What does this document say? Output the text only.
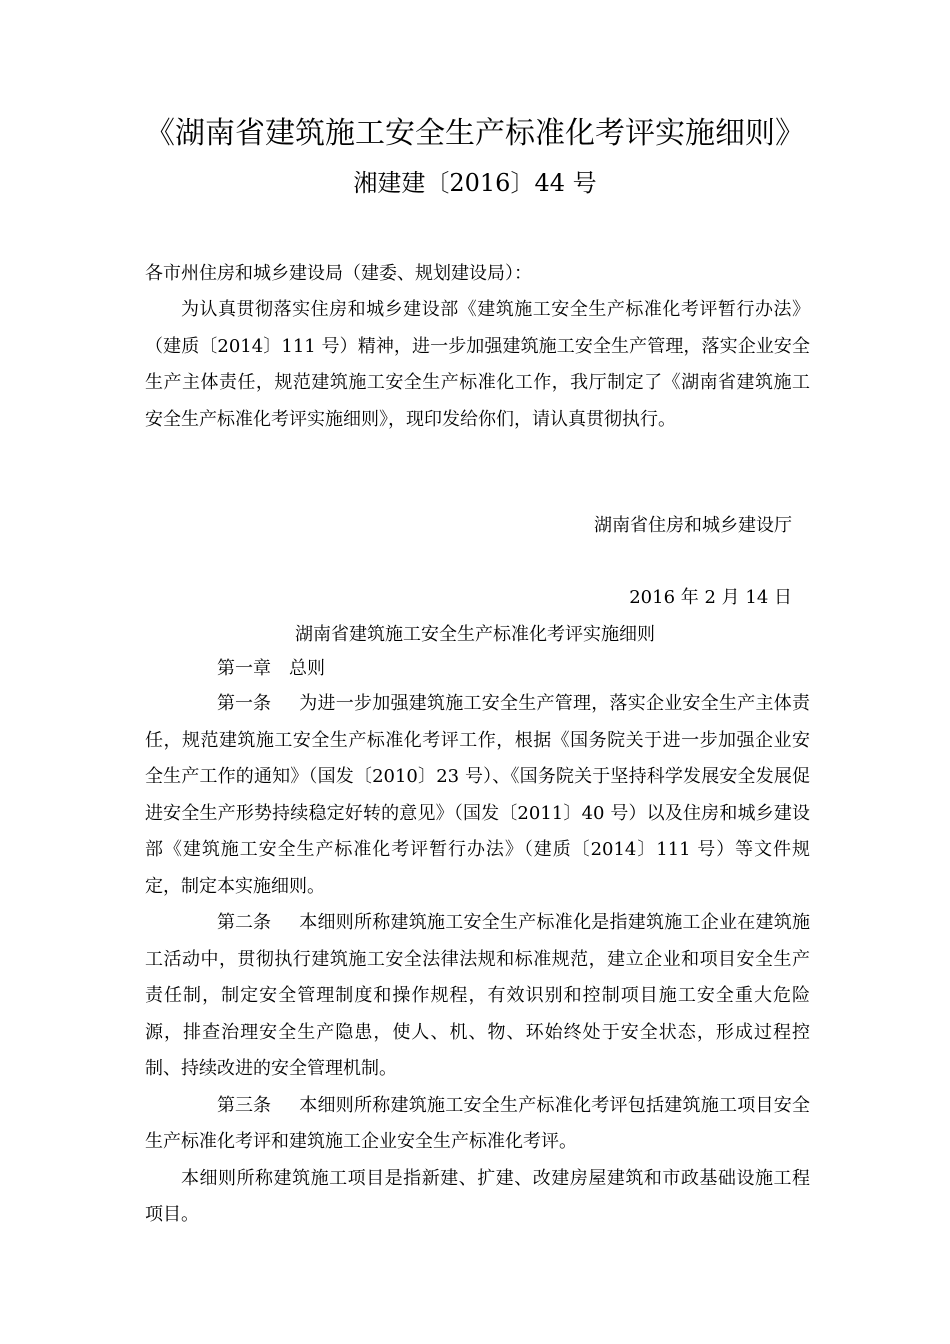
《湖南省建筑施工安全生产标准化考评实施细则》
湘建建〔2016〕44 号

各市州住房和城乡建设局（建委、规划建设局）：

为认真贯彻落实住房和城乡建设部《建筑施工安全生产标准化考评暂行办法》（建质〔2014〕111 号）精神，进一步加强建筑施工安全生产管理，落实企业安全生产主体责任，规范建筑施工安全生产标准化工作，我厅制定了《湖南省建筑施工安全生产标准化考评实施细则》，现印发给你们，请认真贯彻执行。

湖南省住房和城乡建设厅
2016 年 2 月 14 日
湖南省建筑施工安全生产标准化考评实施细则

第一章 总则

第一条 为进一步加强建筑施工安全生产管理，落实企业安全生产主体责任，规范建筑施工安全生产标准化考评工作，根据《国务院关于进一步加强企业安全生产工作的通知》（国发〔2010〕23 号）、《国务院关于坚持科学发展安全发展促进安全生产形势持续稳定好转的意见》（国发〔2011〕40 号）以及住房和城乡建设部《建筑施工安全生产标准化考评暂行办法》（建质〔2014〕111 号）等文件规定，制定本实施细则。

第二条 本细则所称建筑施工安全生产标准化是指建筑施工企业在建筑施工活动中，贯彻执行建筑施工安全法律法规和标准规范，建立企业和项目安全生产责任制，制定安全管理制度和操作规程，有效识别和控制项目施工安全重大危险源，排查治理安全生产隐患，使人、机、物、环始终处于安全状态，形成过程控制、持续改进的安全管理机制。

第三条 本细则所称建筑施工安全生产标准化考评包括建筑施工项目安全生产标准化考评和建筑施工企业安全生产标准化考评。

本细则所称建筑施工项目是指新建、扩建、改建房屋建筑和市政基础设施工程项目。
